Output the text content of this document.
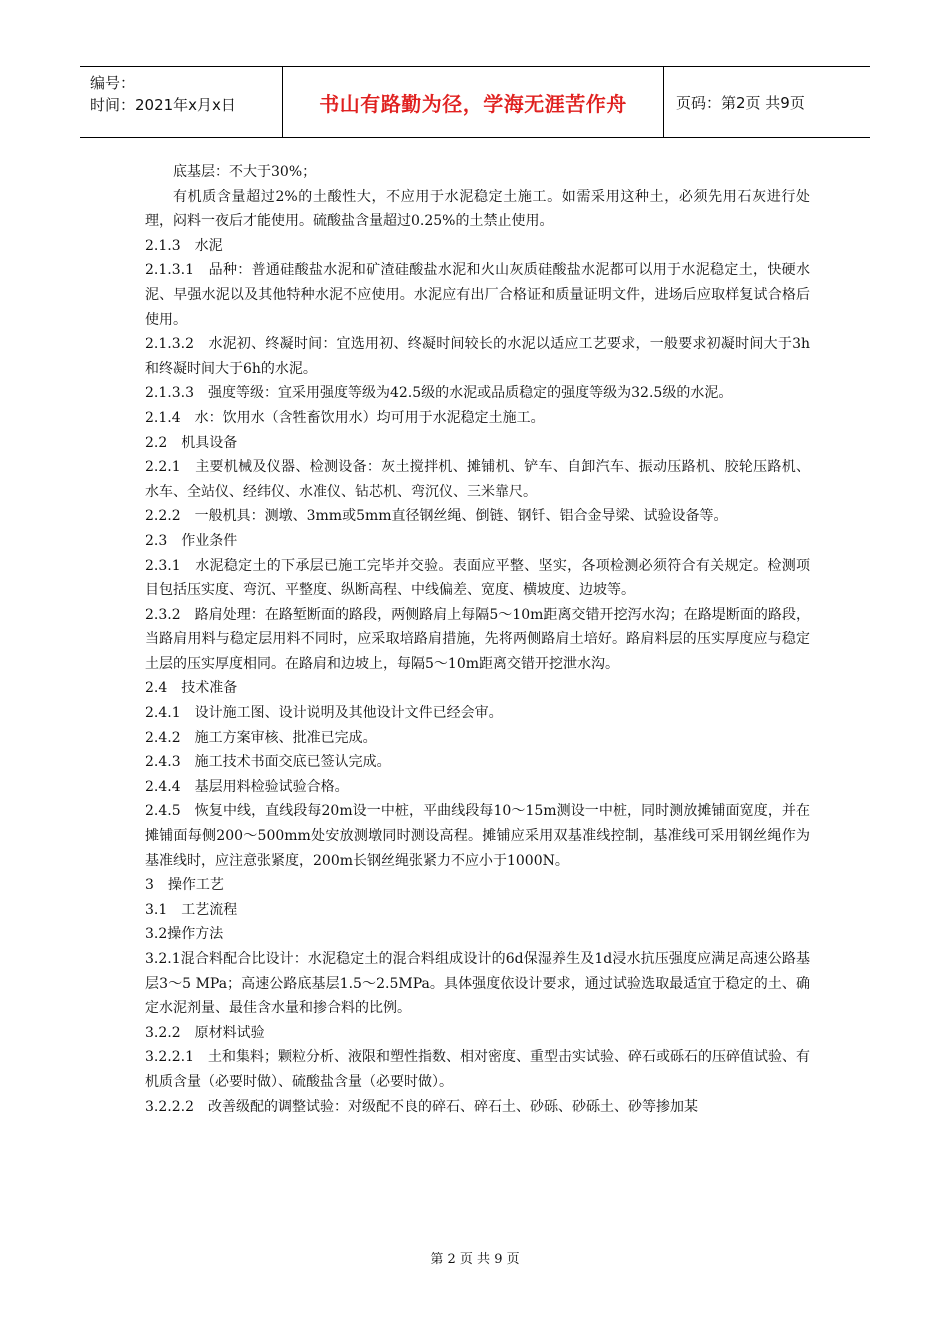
编号：
时间：2021年x月x日	书山有路勤为径，学海无涯苦作舟	页码：第2页 共9页

底基层：不大于30%；

有机质含量超过2%的土酸性大，不应用于水泥稳定土施工。如需采用这种土，必须先用石灰进行处理，闷料一夜后才能使用。硫酸盐含量超过0.25%的土禁止使用。

2.1.3　水泥

2.1.3.1　品种：普通硅酸盐水泥和矿渣硅酸盐水泥和火山灰质硅酸盐水泥都可以用于水泥稳定土，快硬水泥、早强水泥以及其他特种水泥不应使用。水泥应有出厂合格证和质量证明文件，进场后应取样复试合格后使用。

2.1.3.2　水泥初、终凝时间：宜选用初、终凝时间较长的水泥以适应工艺要求，一般要求初凝时间大于3h和终凝时间大于6h的水泥。

2.1.3.3　强度等级：宜采用强度等级为42.5级的水泥或品质稳定的强度等级为32.5级的水泥。

2.1.4　水：饮用水（含牲畜饮用水）均可用于水泥稳定土施工。

2.2　机具设备

2.2.1　主要机械及仪器、检测设备：灰土搅拌机、摊铺机、铲车、自卸汽车、振动压路机、胶轮压路机、水车、全站仪、经纬仪、水准仪、钻芯机、弯沉仪、三米靠尺。

2.2.2　一般机具：测墩、3mm或5mm直径钢丝绳、倒链、钢钎、铝合金导梁、试验设备等。

2.3　作业条件

2.3.1　水泥稳定土的下承层已施工完毕并交验。表面应平整、坚实，各项检测必须符合有关规定。检测项目包括压实度、弯沉、平整度、纵断高程、中线偏差、宽度、横坡度、边坡等。

2.3.2　路肩处理：在路堑断面的路段，两侧路肩上每隔5～10m距离交错开挖泻水沟；在路堤断面的路段，当路肩用料与稳定层用料不同时，应采取培路肩措施，先将两侧路肩土培好。路肩料层的压实厚度应与稳定土层的压实厚度相同。在路肩和边坡上，每隔5～10m距离交错开挖泄水沟。

2.4　技术准备

2.4.1　设计施工图、设计说明及其他设计文件已经会审。

2.4.2　施工方案审核、批准已完成。

2.4.3　施工技术书面交底已签认完成。

2.4.4　基层用料检验试验合格。

2.4.5　恢复中线，直线段每20m设一中桩，平曲线段每10～15m测设一中桩，同时测放摊铺面宽度，并在摊铺面每侧200～500mm处安放测墩同时测设高程。摊铺应采用双基准线控制，基准线可采用钢丝绳作为基准线时，应注意张紧度，200m长钢丝绳张紧力不应小于1000N。

3　操作工艺

3.1　工艺流程

3.2操作方法

3.2.1混合料配合比设计：水泥稳定土的混合料组成设计的6d保湿养生及1d浸水抗压强度应满足高速公路基层3～5 MPa；高速公路底基层1.5～2.5MPa。具体强度依设计要求，通过试验选取最适宜于稳定的土、确定水泥剂量、最佳含水量和掺合料的比例。

3.2.2　原材料试验

3.2.2.1　土和集料；颗粒分析、液限和塑性指数、相对密度、重型击实试验、碎石或砾石的压碎值试验、有机质含量（必要时做）、硫酸盐含量（必要时做）。

3.2.2.2　改善级配的调整试验：对级配不良的碎石、碎石土、砂砾、砂砾土、砂等掺加某

第 2 页 共 9 页
